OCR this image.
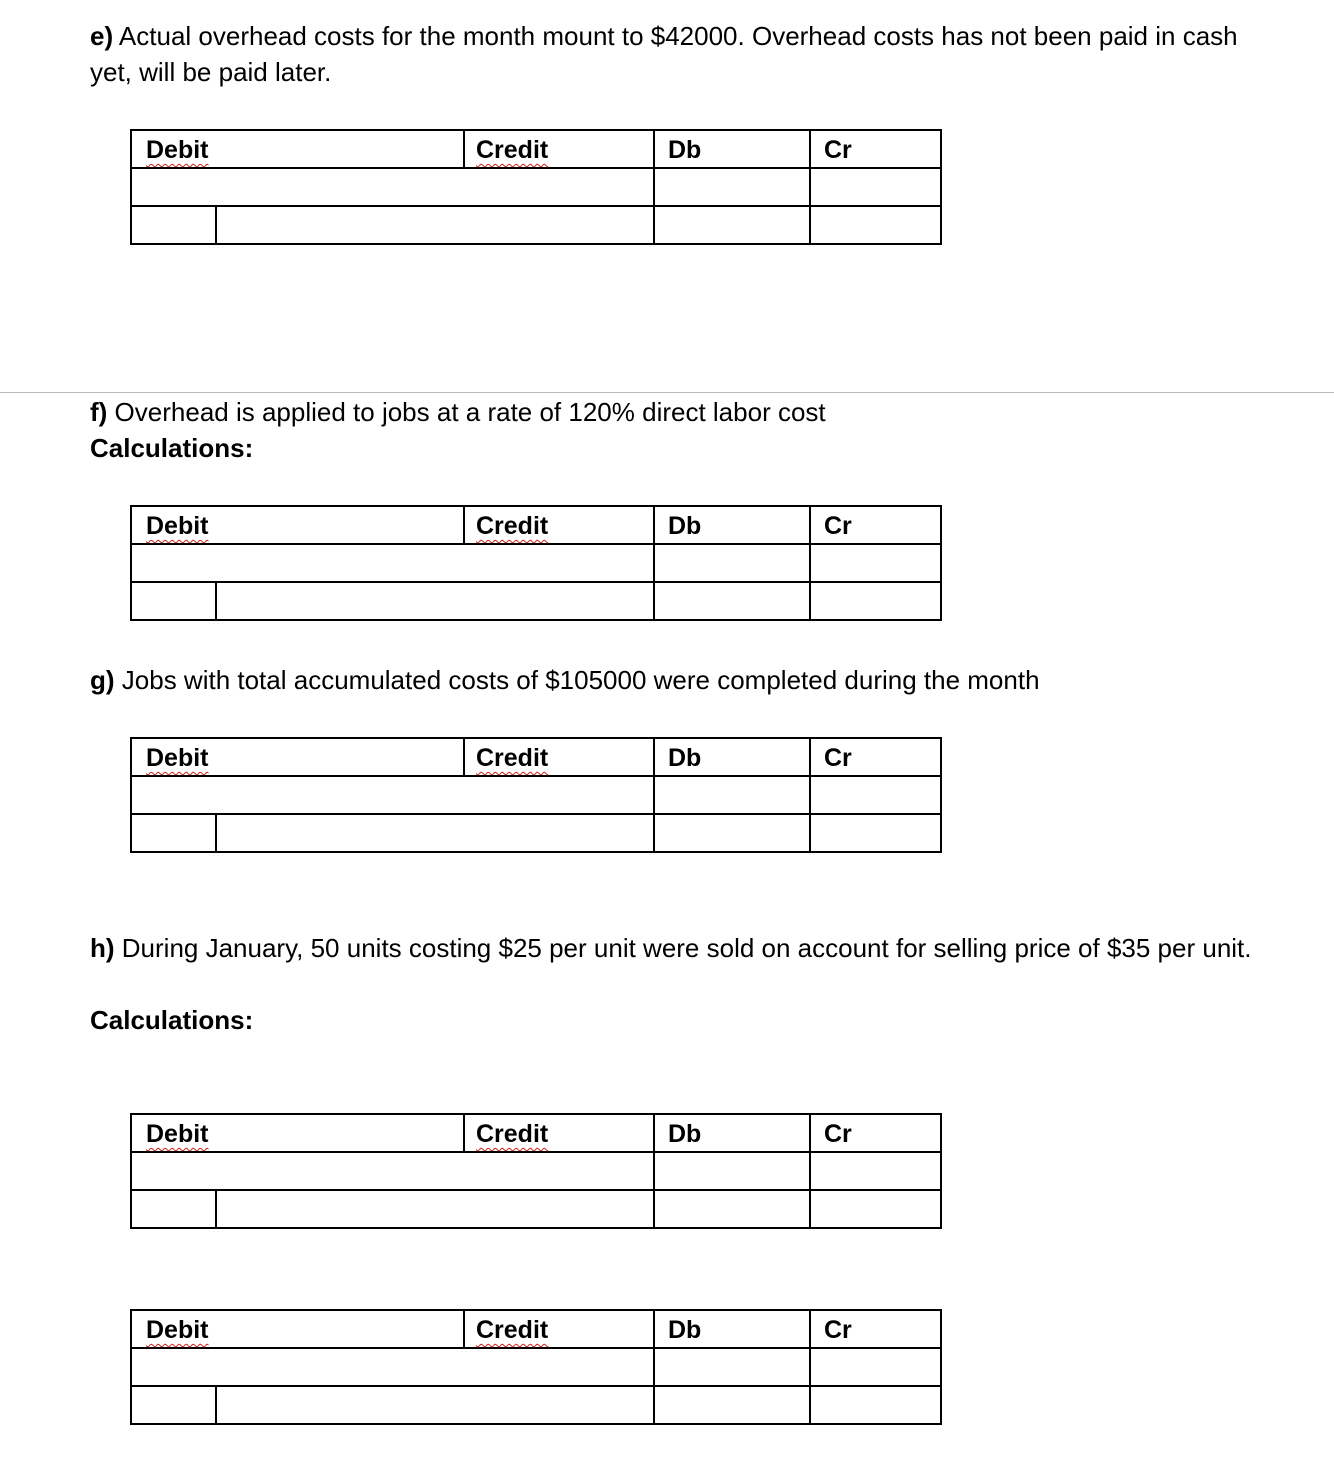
e) Actual overhead costs for the month mount to $42000. Overhead costs has not been paid in cash yet, will be paid later.

Debit	Credit	Db	Cr

f) Overhead is applied to jobs at a rate of 120% direct labor cost

Calculations:
Debit	Credit	Db	Cr

g) Jobs with total accumulated costs of $105000 were completed during the month

Debit	Credit	Db	Cr

h) During January, 50 units costing $25 per unit were sold on account for selling price of $35 per unit.

Calculations:
Debit	Credit	Db	Cr
Debit	Credit	Db	Cr
